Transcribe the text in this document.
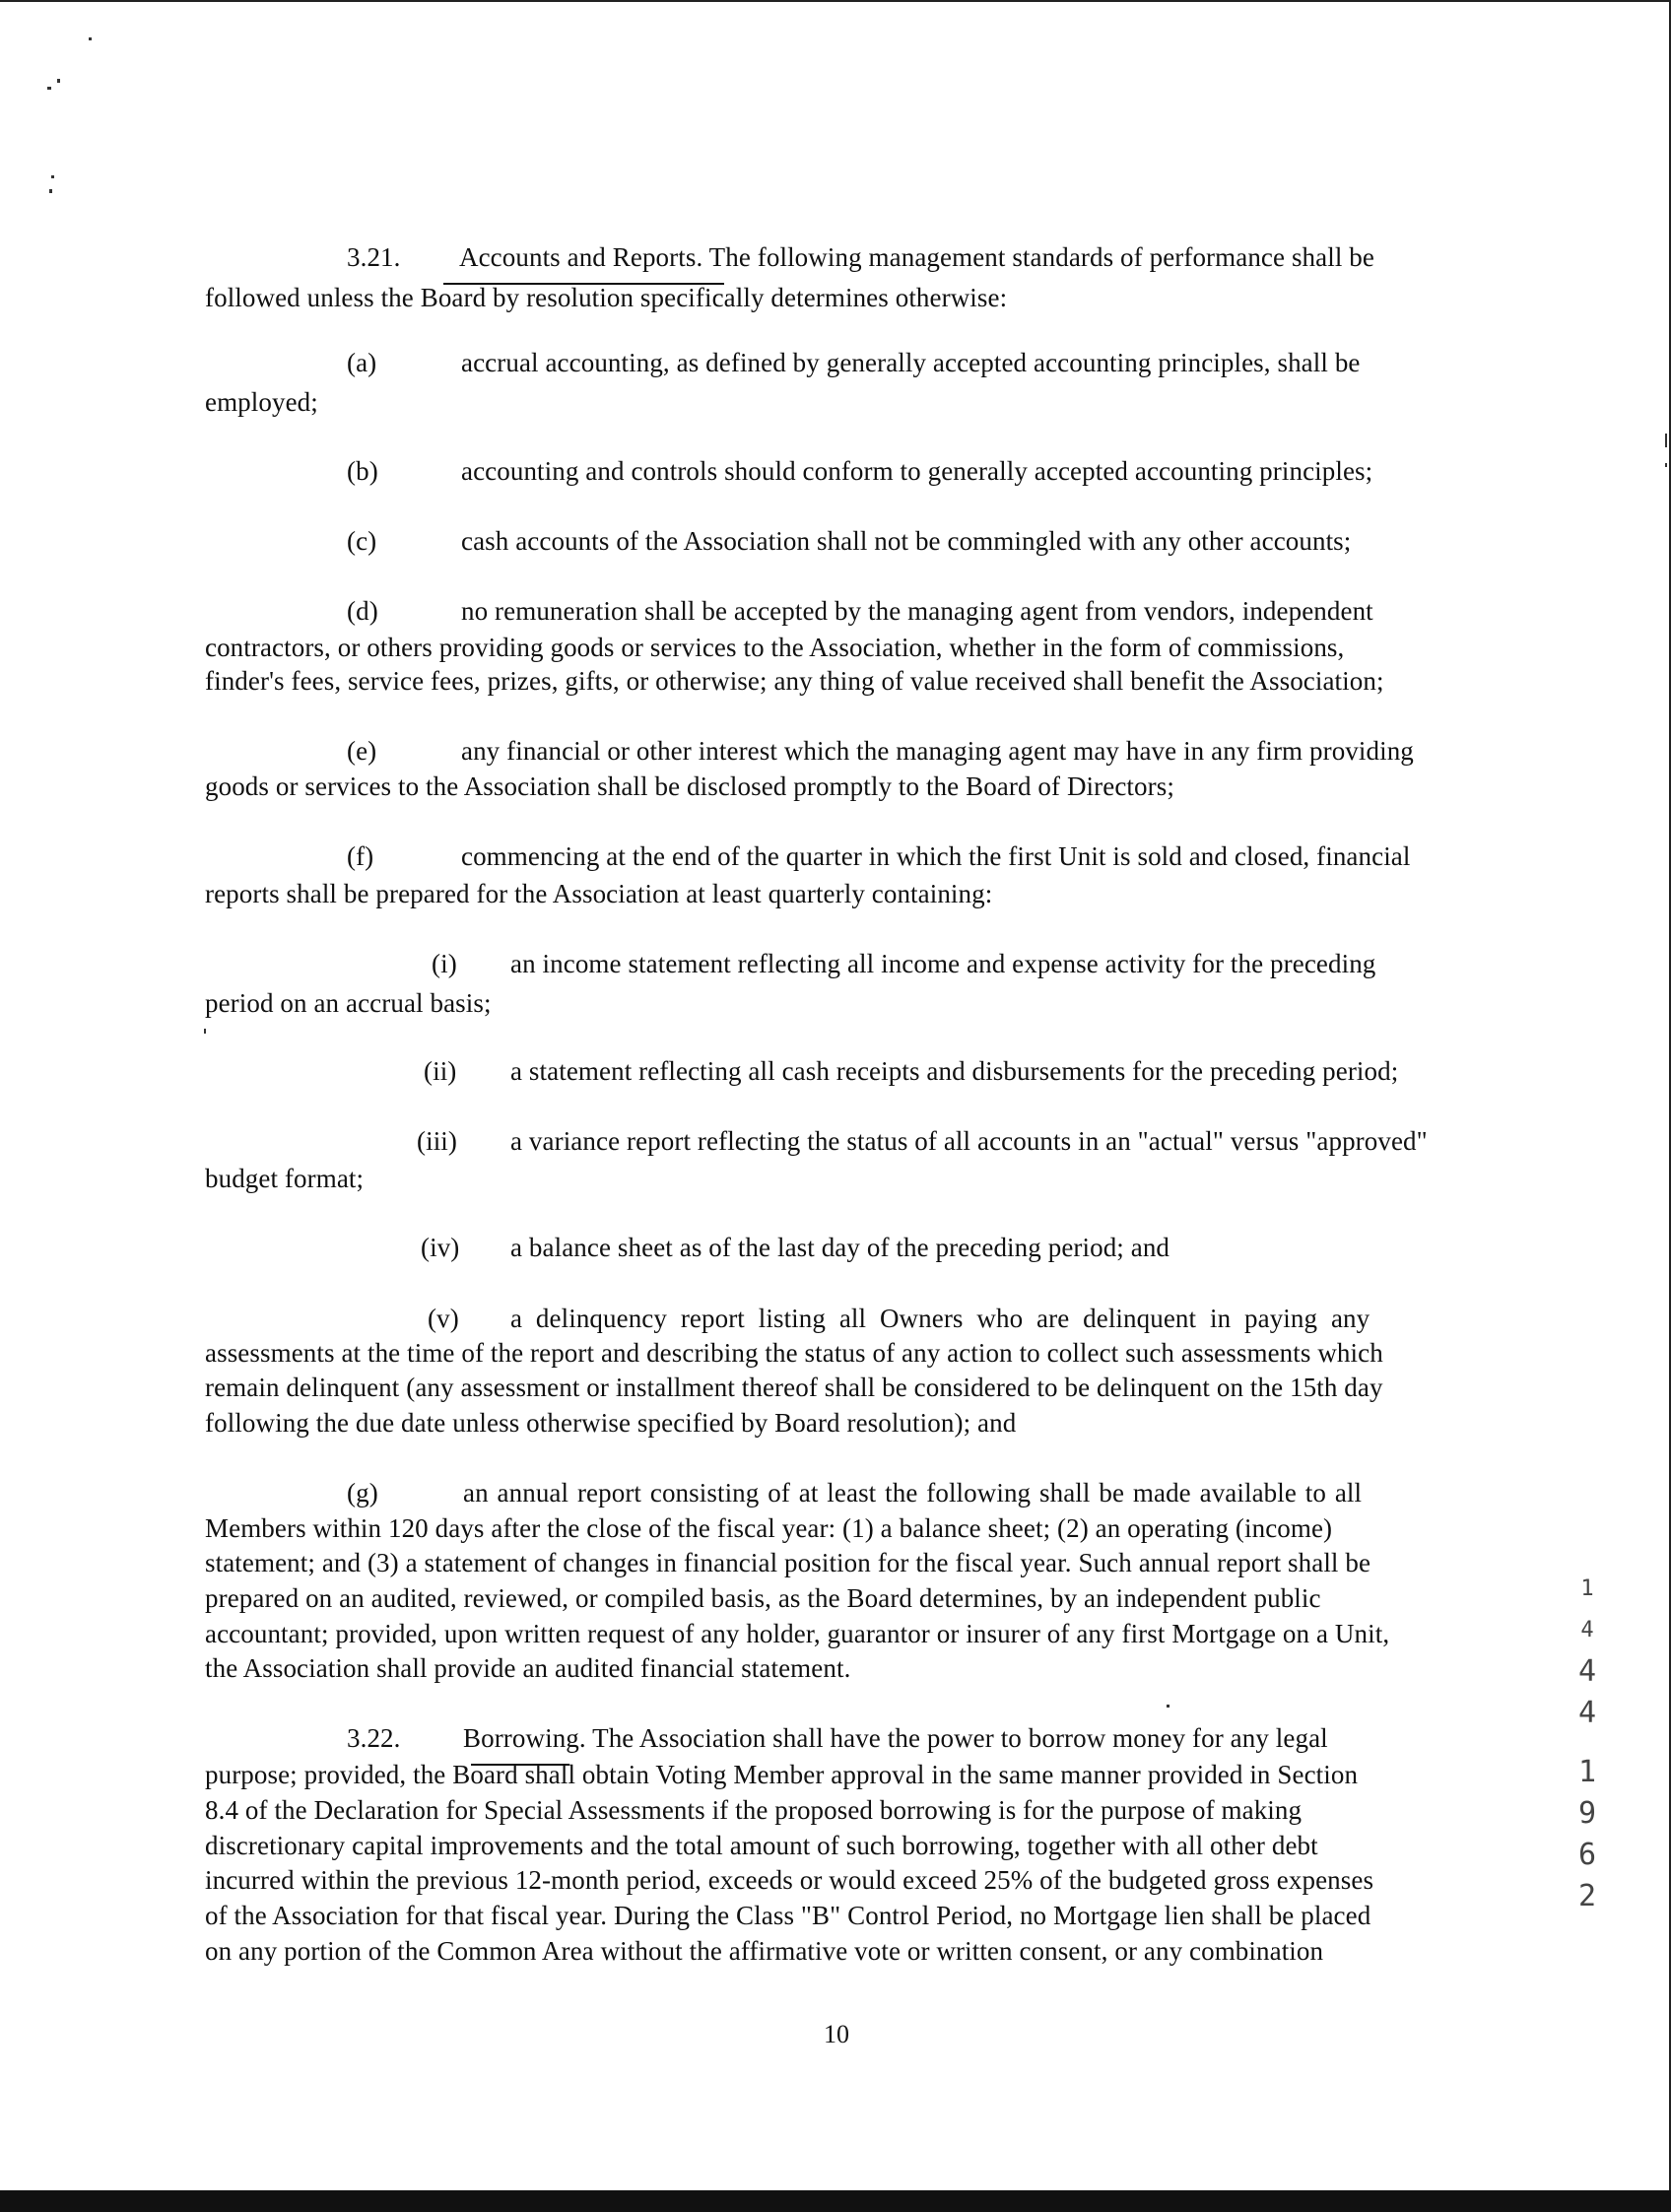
3.21. Accounts and Reports. The following management standards of performance shall be
followed unless the Board by resolution specifically determines otherwise:
(a)	accrual accounting, as defined by generally accepted accounting principles, shall be
employed;
(b)	accounting and controls should conform to generally accepted accounting principles;
(c)	cash accounts of the Association shall not be commingled with any other accounts;
(d)	no remuneration shall be accepted by the managing agent from vendors, independent
contractors, or others providing goods or services to the Association, whether in the form of commissions,
finder's fees, service fees, prizes, gifts, or otherwise; any thing of value received shall benefit the Association;
(e)	any financial or other interest which the managing agent may have in any firm providing
goods or services to the Association shall be disclosed promptly to the Board of Directors;
(f)	commencing at the end of the quarter in which the first Unit is sold and closed, financial
reports shall be prepared for the Association at least quarterly containing:
(i) an income statement reflecting all income and expense activity for the preceding
period on an accrual basis;
(ii) a statement reflecting all cash receipts and disbursements for the preceding period;
(iii) a variance report reflecting the status of all accounts in an "actual" versus "approved"
budget format;
(iv) a balance sheet as of the last day of the preceding period; and
(v) a delinquency report listing all Owners who are delinquent in paying any
assessments at the time of the report and describing the status of any action to collect such assessments which
remain delinquent (any assessment or installment thereof shall be considered to be delinquent on the 15th day
following the due date unless otherwise specified by Board resolution); and
(g)	an annual report consisting of at least the following shall be made available to all
Members within 120 days after the close of the fiscal year: (1) a balance sheet; (2) an operating (income)
statement; and (3) a statement of changes in financial position for the fiscal year. Such annual report shall be
prepared on an audited, reviewed, or compiled basis, as the Board determines, by an independent public
accountant; provided, upon written request of any holder, guarantor or insurer of any first Mortgage on a Unit,
the Association shall provide an audited financial statement.
3.22. Borrowing. The Association shall have the power to borrow money for any legal
purpose; provided, the Board shall obtain Voting Member approval in the same manner provided in Section
8.4 of the Declaration for Special Assessments if the proposed borrowing is for the purpose of making
discretionary capital improvements and the total amount of such borrowing, together with all other debt
incurred within the previous 12-month period, exceeds or would exceed 25% of the budgeted gross expenses
of the Association for that fiscal year. During the Class "B" Control Period, no Mortgage lien shall be placed
on any portion of the Common Area without the affirmative vote or written consent, or any combination
10
1
4
4
4
1
9
6
2
